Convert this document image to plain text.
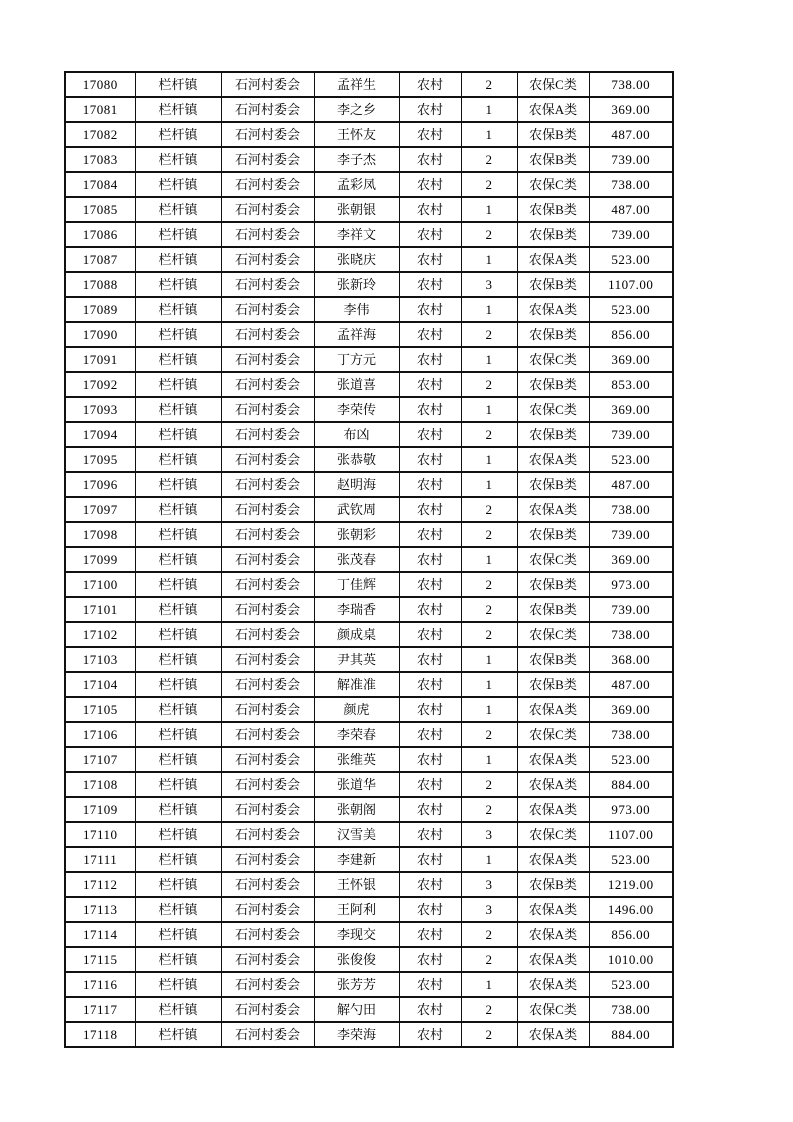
17080	栏杆镇	石河村委会	孟祥生	农村	2	农保C类	738.00
17081	栏杆镇	石河村委会	李之乡	农村	1	农保A类	369.00
17082	栏杆镇	石河村委会	王怀友	农村	1	农保B类	487.00
17083	栏杆镇	石河村委会	李子杰	农村	2	农保B类	739.00
17084	栏杆镇	石河村委会	孟彩凤	农村	2	农保C类	738.00
17085	栏杆镇	石河村委会	张朝银	农村	1	农保B类	487.00
17086	栏杆镇	石河村委会	李祥文	农村	2	农保B类	739.00
17087	栏杆镇	石河村委会	张晓庆	农村	1	农保A类	523.00
17088	栏杆镇	石河村委会	张新玲	农村	3	农保B类	1107.00
17089	栏杆镇	石河村委会	李伟	农村	1	农保A类	523.00
17090	栏杆镇	石河村委会	孟祥海	农村	2	农保B类	856.00
17091	栏杆镇	石河村委会	丁方元	农村	1	农保C类	369.00
17092	栏杆镇	石河村委会	张道喜	农村	2	农保B类	853.00
17093	栏杆镇	石河村委会	李荣传	农村	1	农保C类	369.00
17094	栏杆镇	石河村委会	布凶	农村	2	农保B类	739.00
17095	栏杆镇	石河村委会	张恭敬	农村	1	农保A类	523.00
17096	栏杆镇	石河村委会	赵明海	农村	1	农保B类	487.00
17097	栏杆镇	石河村委会	武钦周	农村	2	农保A类	738.00
17098	栏杆镇	石河村委会	张朝彩	农村	2	农保B类	739.00
17099	栏杆镇	石河村委会	张茂春	农村	1	农保C类	369.00
17100	栏杆镇	石河村委会	丁佳辉	农村	2	农保B类	973.00
17101	栏杆镇	石河村委会	李瑞香	农村	2	农保B类	739.00
17102	栏杆镇	石河村委会	颜成桌	农村	2	农保C类	738.00
17103	栏杆镇	石河村委会	尹其英	农村	1	农保B类	368.00
17104	栏杆镇	石河村委会	解准准	农村	1	农保B类	487.00
17105	栏杆镇	石河村委会	颜虎	农村	1	农保A类	369.00
17106	栏杆镇	石河村委会	李荣春	农村	2	农保C类	738.00
17107	栏杆镇	石河村委会	张维英	农村	1	农保A类	523.00
17108	栏杆镇	石河村委会	张道华	农村	2	农保A类	884.00
17109	栏杆镇	石河村委会	张朝阁	农村	2	农保A类	973.00
17110	栏杆镇	石河村委会	汉雪美	农村	3	农保C类	1107.00
17111	栏杆镇	石河村委会	李建新	农村	1	农保A类	523.00
17112	栏杆镇	石河村委会	王怀银	农村	3	农保B类	1219.00
17113	栏杆镇	石河村委会	王阿利	农村	3	农保A类	1496.00
17114	栏杆镇	石河村委会	李现交	农村	2	农保A类	856.00
17115	栏杆镇	石河村委会	张俊俊	农村	2	农保A类	1010.00
17116	栏杆镇	石河村委会	张芳芳	农村	1	农保A类	523.00
17117	栏杆镇	石河村委会	解勺田	农村	2	农保C类	738.00
17118	栏杆镇	石河村委会	李荣海	农村	2	农保A类	884.00
